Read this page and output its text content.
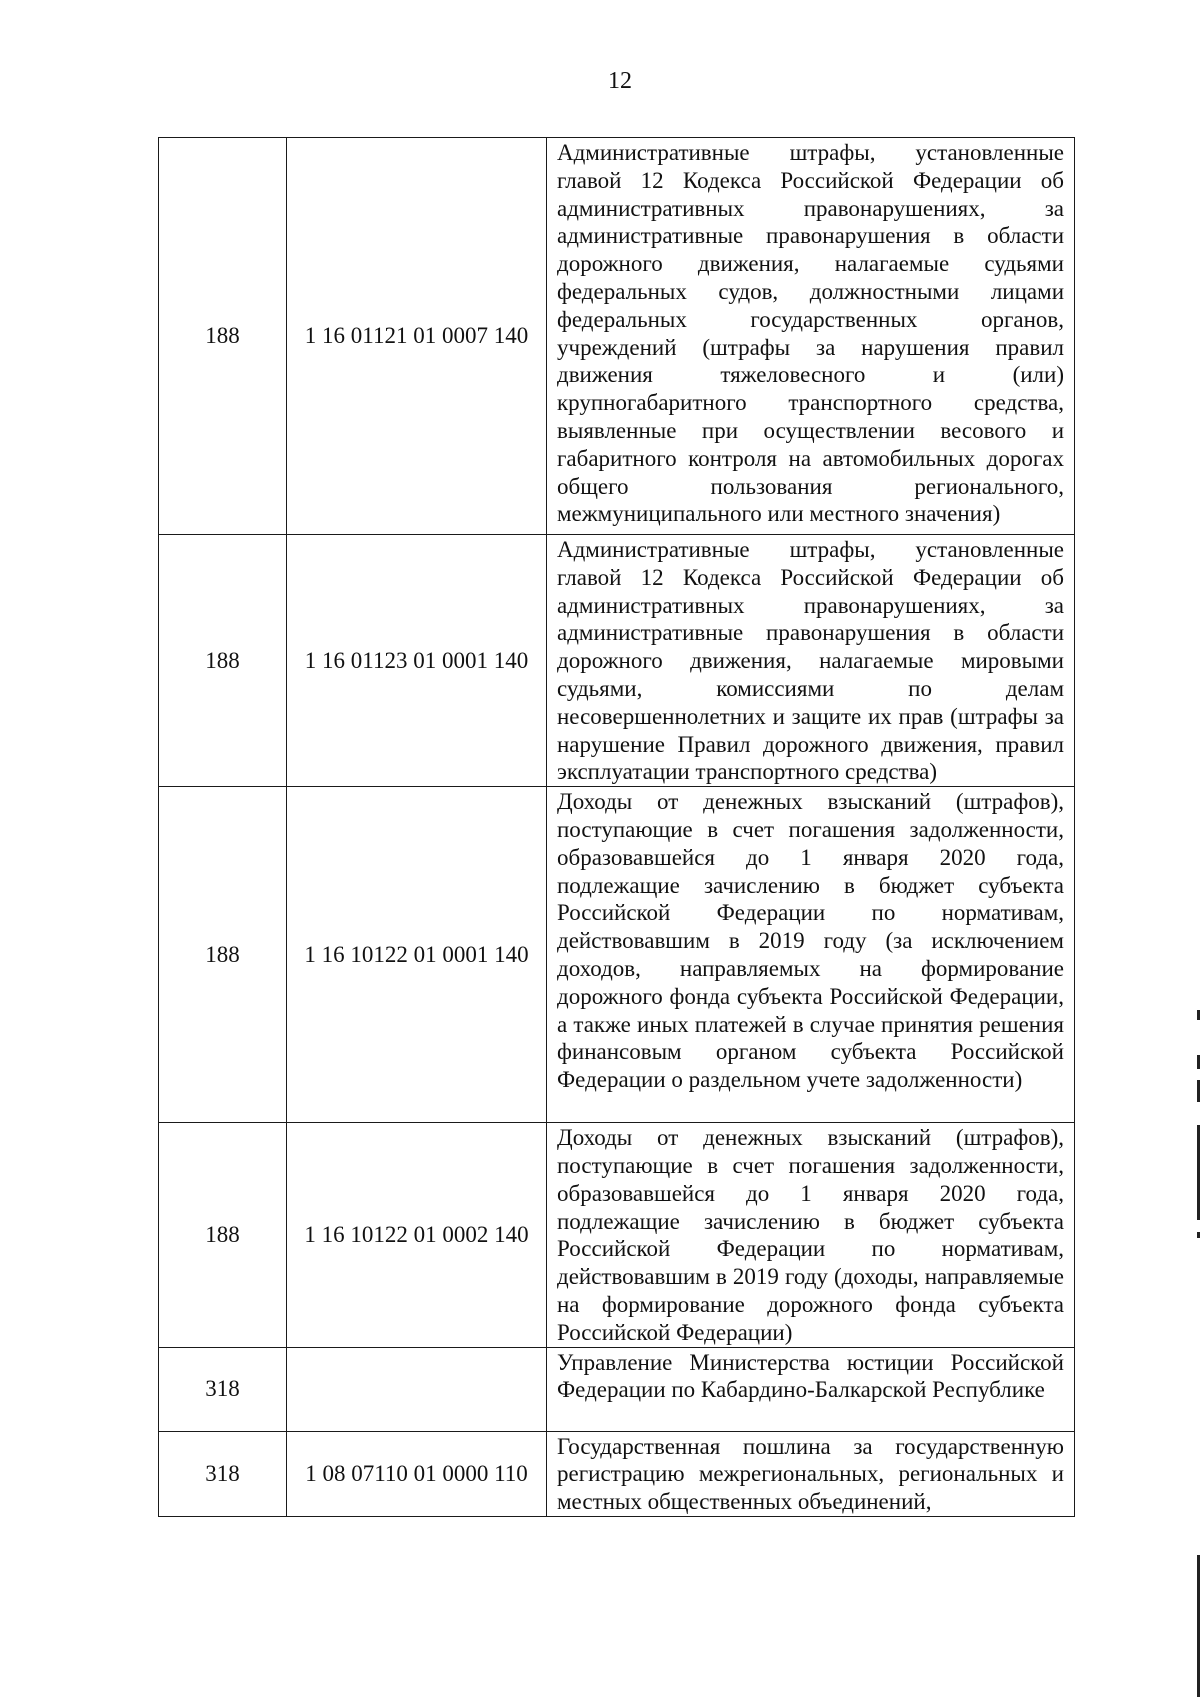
12
188	1 16 01121 01 0007 140	Административные штрафы, установленные главой 12 Кодекса Российской Федерации об административных правонарушениях, за административные правонарушения в области дорожного движения, налагаемые судьями федеральных судов, должностными лицами федеральных государственных органов, учреждений (штрафы за нарушения правил движения тяжеловесного и (или) крупногабаритного транспортного средства, выявленные при осуществлении весового и габаритного контроля на автомобильных дорогах общего пользования регионального, межмуниципального или местного значения)

188	1 16 01123 01 0001 140	Административные штрафы, установленные главой 12 Кодекса Российской Федерации об административных правонарушениях, за административные правонарушения в области дорожного движения, налагаемые мировыми судьями, комиссиями по делам несовершеннолетних и защите их прав (штрафы за нарушение Правил дорожного движения, правил эксплуатации транспортного средства)

188	1 16 10122 01 0001 140	Доходы от денежных взысканий (штрафов), поступающие в счет погашения задолженности, образовавшейся до 1 января 2020 года, подлежащие зачислению в бюджет субъекта Российской Федерации по нормативам, действовавшим в 2019 году (за исключением доходов, направляемых на формирование дорожного фонда субъекта Российской Федерации, а также иных платежей в случае принятия решения финансовым органом субъекта Российской Федерации о раздельном учете задолженности)

188	1 16 10122 01 0002 140	Доходы от денежных взысканий (штрафов), поступающие в счет погашения задолженности, образовавшейся до 1 января 2020 года, подлежащие зачислению в бюджет субъекта Российской Федерации по нормативам, действовавшим в 2019 году (доходы, направляемые на формирование дорожного фонда субъекта Российской Федерации)

318		Управление Министерства юстиции Российской Федерации по Кабардино-Балкарской Республике

318	1 08 07110 01 0000 110	Государственная пошлина за государственную регистрацию межрегиональных, региональных и местных общественных объединений,
